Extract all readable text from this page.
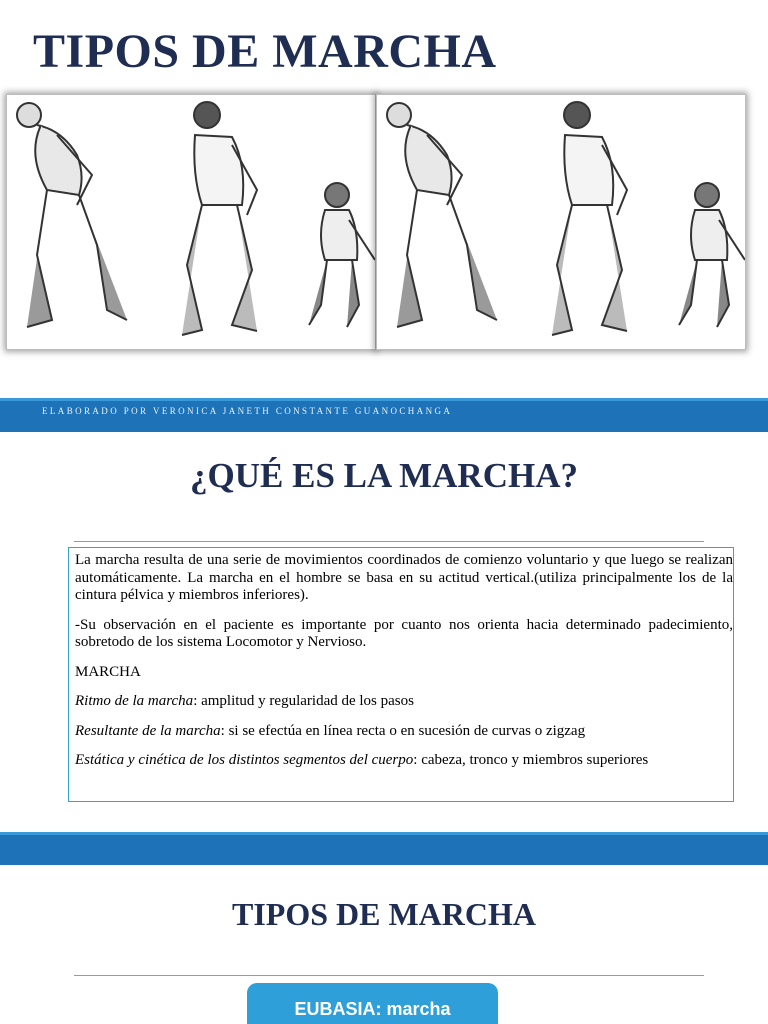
TIPOS DE MARCHA
ELABORADO POR VERONICA JANETH CONSTANTE GUANOCHANGA
¿QUÉ ES LA MARCHA?

La marcha resulta de una serie de movimientos coordinados de comienzo voluntario y que luego se realizan automáticamente. La marcha en el hombre se basa en su actitud vertical.(utiliza principalmente los de la cintura pélvica y miembros inferiores).

-Su observación en el paciente es importante por cuanto nos orienta hacia determinado padecimiento, sobretodo de los sistema Locomotor y Nervioso.

MARCHA

Ritmo de la marcha: amplitud y regularidad de los pasos

Resultante de la marcha: si se efectúa en línea recta o en sucesión de curvas o zigzag

Estática y cinética de los distintos segmentos del cuerpo: cabeza, tronco y miembros superiores

TIPOS DE MARCHA
EUBASIA: marcha
